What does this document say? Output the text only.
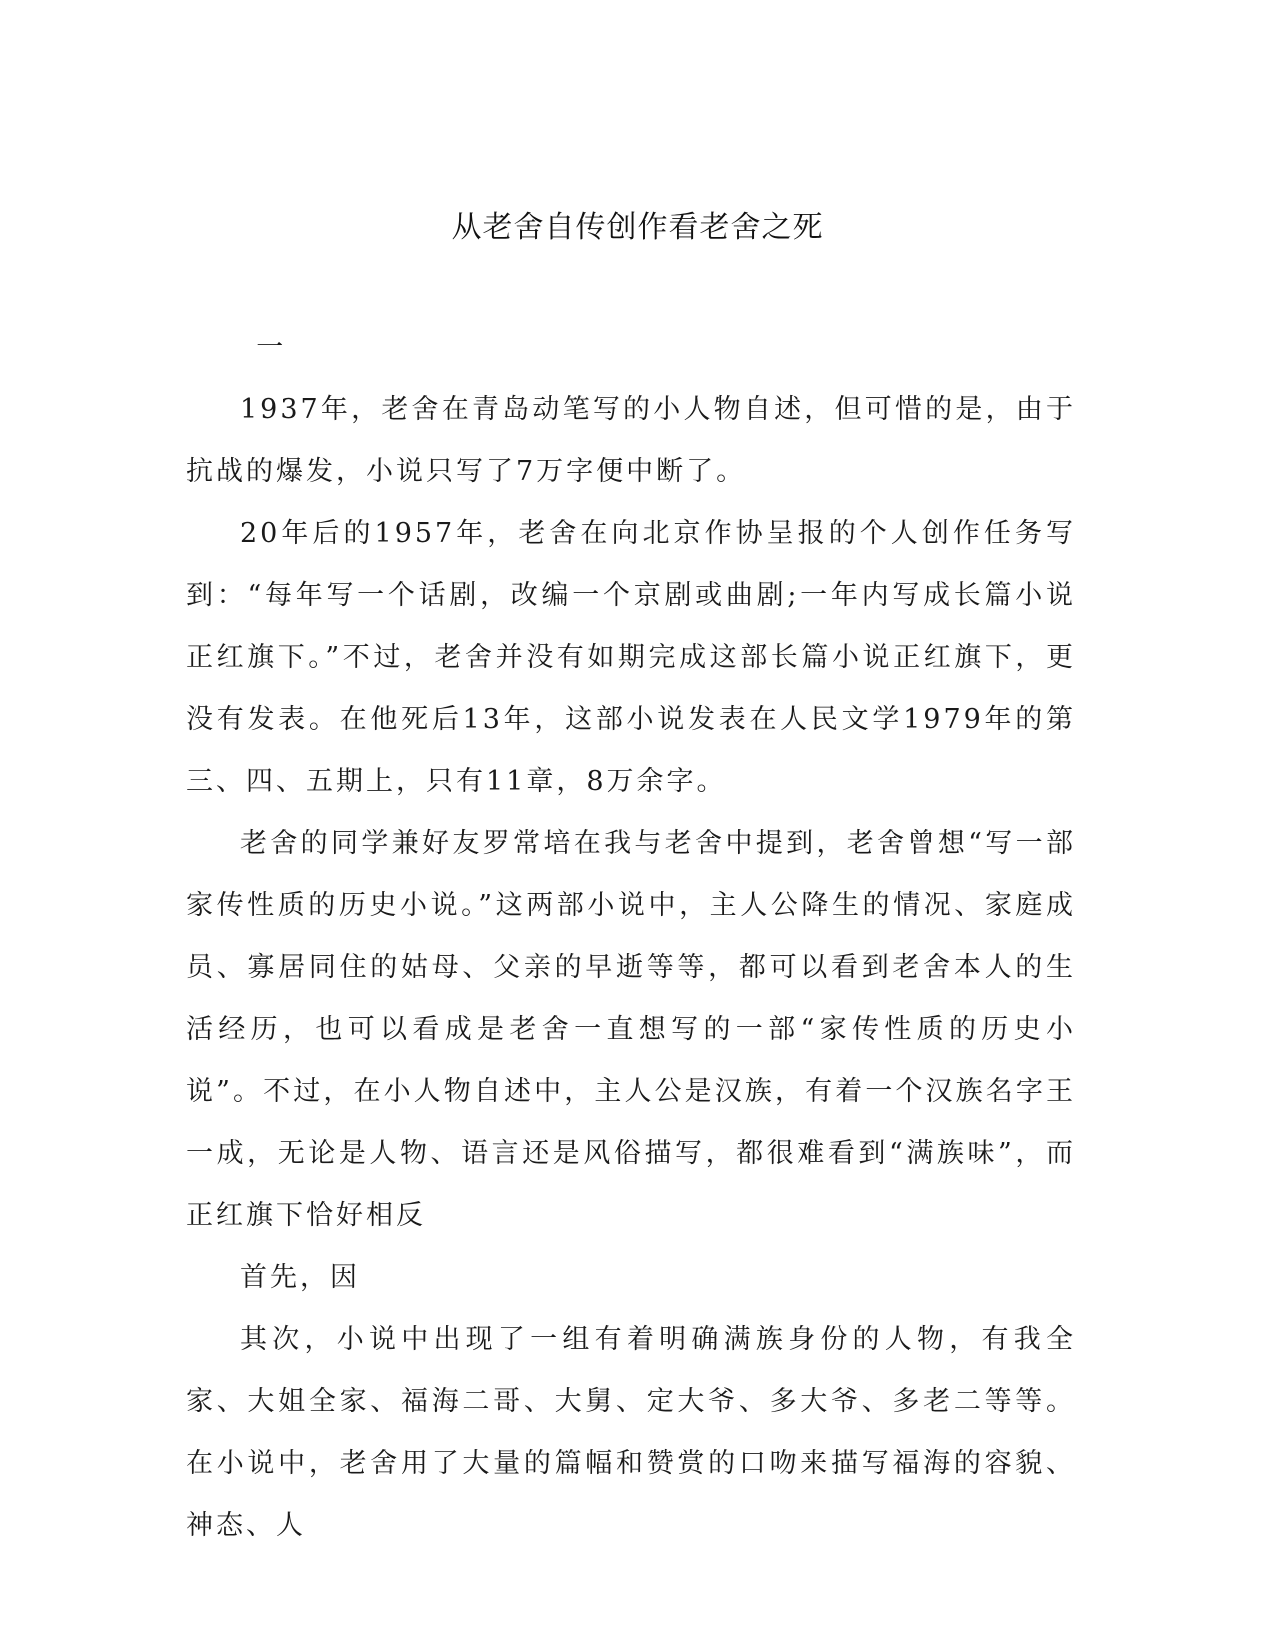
从老舍自传创作看老舍之死

一

1937年，老舍在青岛动笔写的小人物自述，但可惜的是，由于抗战的爆发，小说只写了7万字便中断了。

20年后的1957年，老舍在向北京作协呈报的个人创作任务写到：“每年写一个话剧，改编一个京剧或曲剧;一年内写成长篇小说正红旗下。”不过，老舍并没有如期完成这部长篇小说正红旗下，更没有发表。在他死后13年，这部小说发表在人民文学1979年的第三、四、五期上，只有11章，8万余字。

老舍的同学兼好友罗常培在我与老舍中提到，老舍曾想“写一部家传性质的历史小说。”这两部小说中，主人公降生的情况、家庭成员、寡居同住的姑母、父亲的早逝等等，都可以看到老舍本人的生活经历，也可以看成是老舍一直想写的一部“家传性质的历史小说”。不过，在小人物自述中，主人公是汉族，有着一个汉族名字王一成，无论是人物、语言还是风俗描写，都很难看到“满族味”，而正红旗下恰好相反

首先，因

其次，小说中出现了一组有着明确满族身份的人物，有我全家、大姐全家、福海二哥、大舅、定大爷、多大爷、多老二等等。在小说中，老舍用了大量的篇幅和赞赏的口吻来描写福海的容貌、神态、人
